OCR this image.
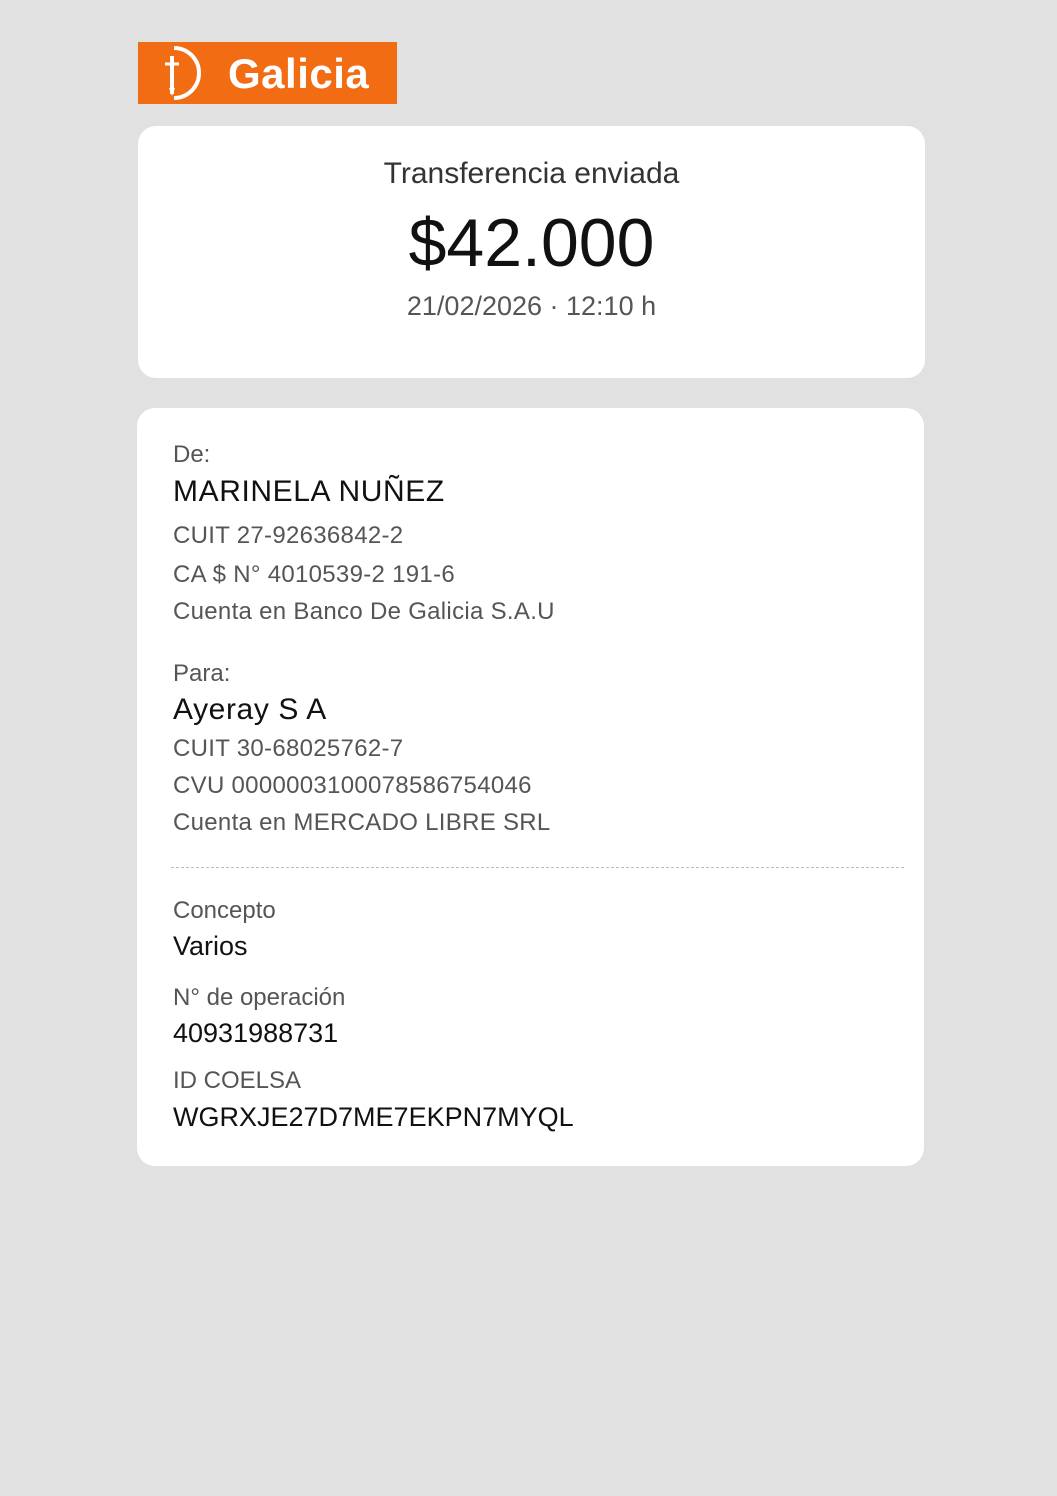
Galicia
Transferencia enviada
$42.000
21/02/2026 · 12:10 h
De:
MARINELA NUÑEZ
CUIT 27-92636842-2
CA $ N° 4010539-2 191-6
Cuenta en Banco De Galicia S.A.U
Para:
Ayeray S A
CUIT 30-68025762-7
CVU 0000003100078586754046
Cuenta en MERCADO LIBRE SRL
Concepto
Varios
N° de operación
40931988731
ID COELSA
WGRXJE27D7ME7EKPN7MYQL
